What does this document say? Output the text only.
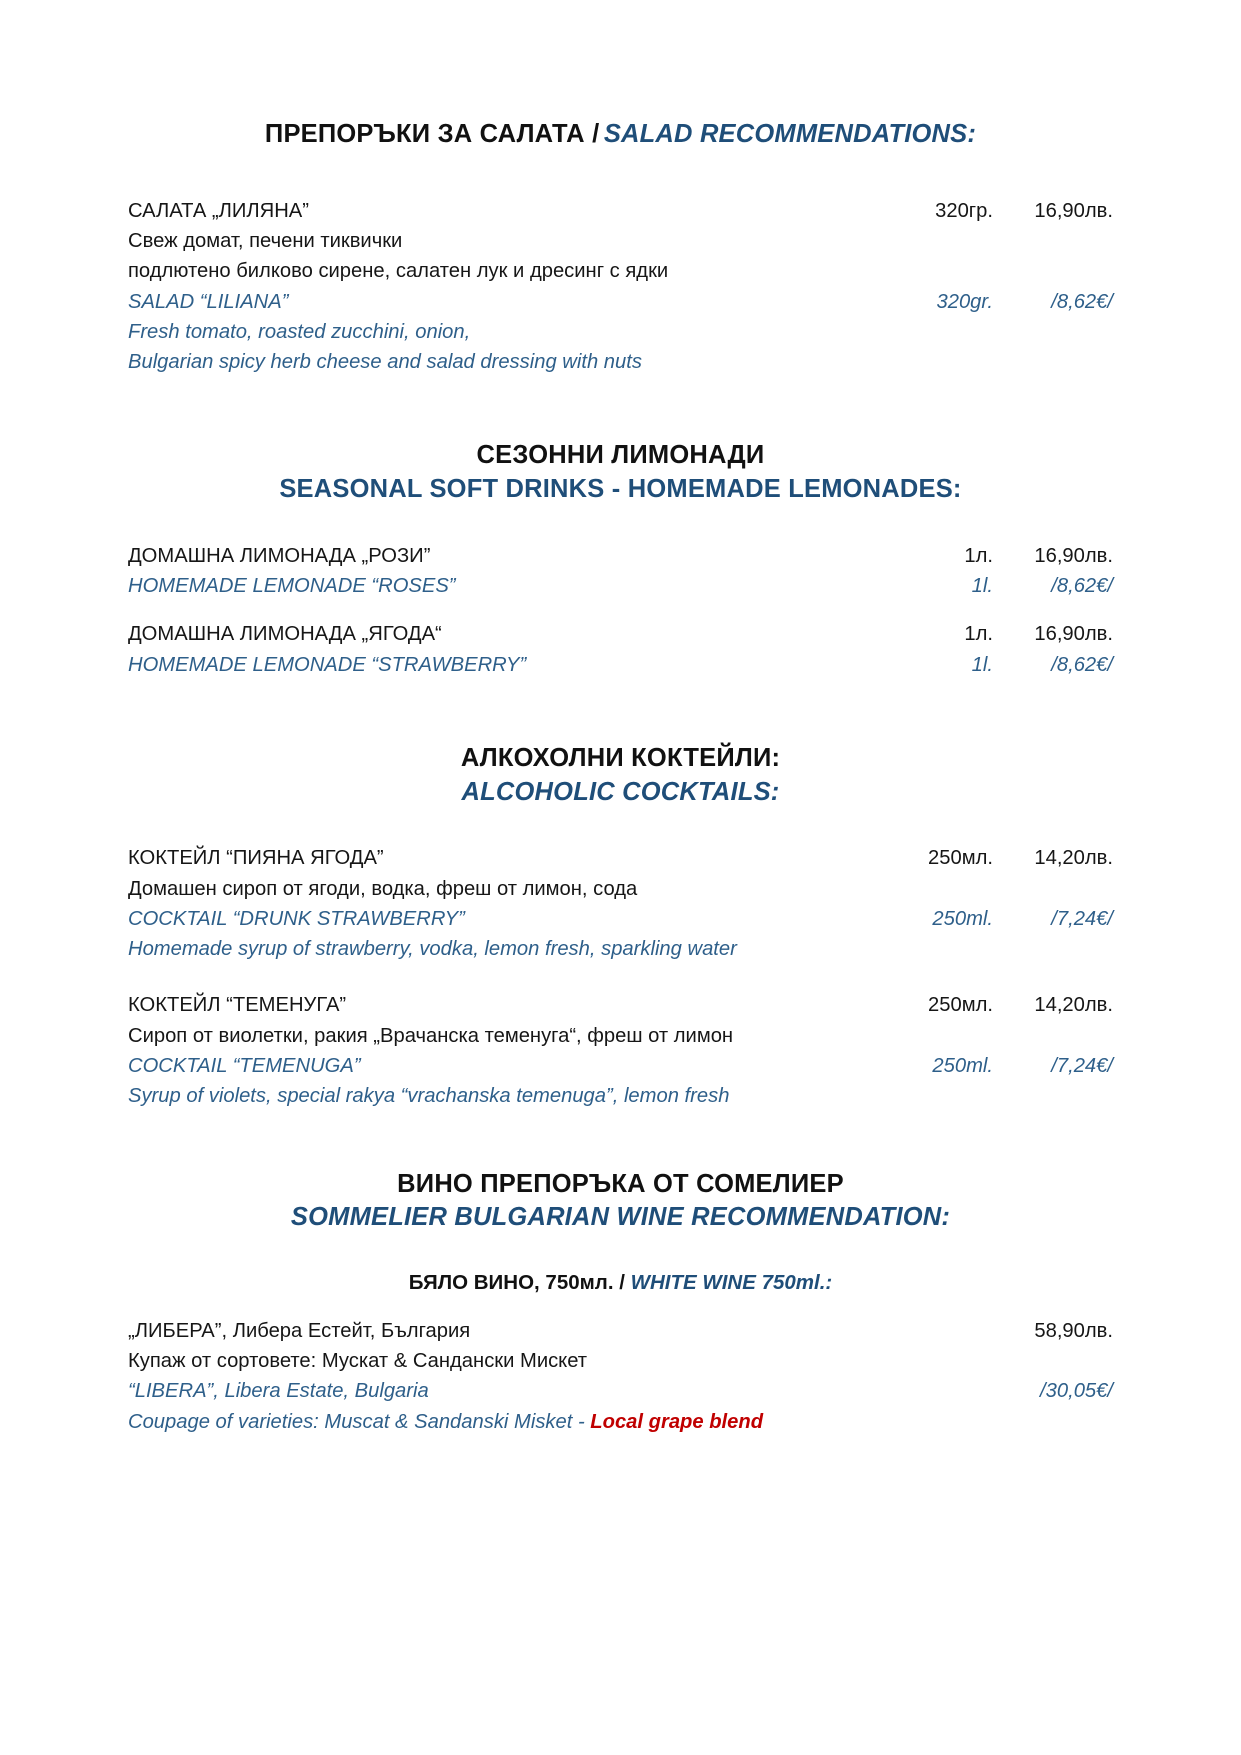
ПРЕПОРЪКИ ЗА САЛАТА / SALAD RECOMMENDATIONS:
САЛАТА „ЛИЛЯНА”	320гр.	16,90лв.
Свеж домат, печени тиквички
подлютено билково сирене, салатен лук и дресинг с ядки
SALAD “LILIANA”	320gr.	/8,62€/
Fresh tomato, roasted zucchini, onion,
Bulgarian spicy herb cheese and salad dressing with nuts
СЕЗОННИ ЛИМОНАДИ
SEASONAL SOFT DRINKS - HOMEMADE LEMONADES:
ДОМАШНА ЛИМОНАДА „РОЗИ”	1л.	16,90лв.
HOMEMADE LEMONADE “ROSES”	1l.	/8,62€/
ДОМАШНА ЛИМОНАДА „ЯГОДА“	1л.	16,90лв.
HOMEMADE LEMONADE “STRAWBERRY”	1l.	/8,62€/
АЛКОХОЛНИ КОКТЕЙЛИ:
ALCOHOLIC COCKTAILS:
КОКТЕЙЛ “ПИЯНА ЯГОДА”	250мл.	14,20лв.
Домашен сироп от ягоди, водка, фреш от лимон, сода
COCKTAIL “DRUNK STRAWBERRY”	250ml.	/7,24€/
Homemade syrup of strawberry, vodka, lemon fresh, sparkling water
КОКТЕЙЛ “ТЕМЕНУГА”	250мл.	14,20лв.
Сироп от виолетки, ракия „Врачанска теменуга“, фреш от лимон
COCKTAIL “TEMENUGA”	250ml.	/7,24€/
Syrup of violets, special rakya “vrachanska temenuga”, lemon fresh
ВИНО ПРЕПОРЪКА ОТ СОМЕЛИЕР
SOMMELIER BULGARIAN WINE RECOMMENDATION:
БЯЛО ВИНО, 750мл. / WHITE WINE 750ml.:
„ЛИБЕРА”, Либера Естейт, България	58,90лв.
Купаж от сортовете: Мускат & Сандански Мискет
“LIBERA”, Libera Estate, Bulgaria	/30,05€/
Coupage of varieties: Muscat & Sandanski Misket - Local grape blend
